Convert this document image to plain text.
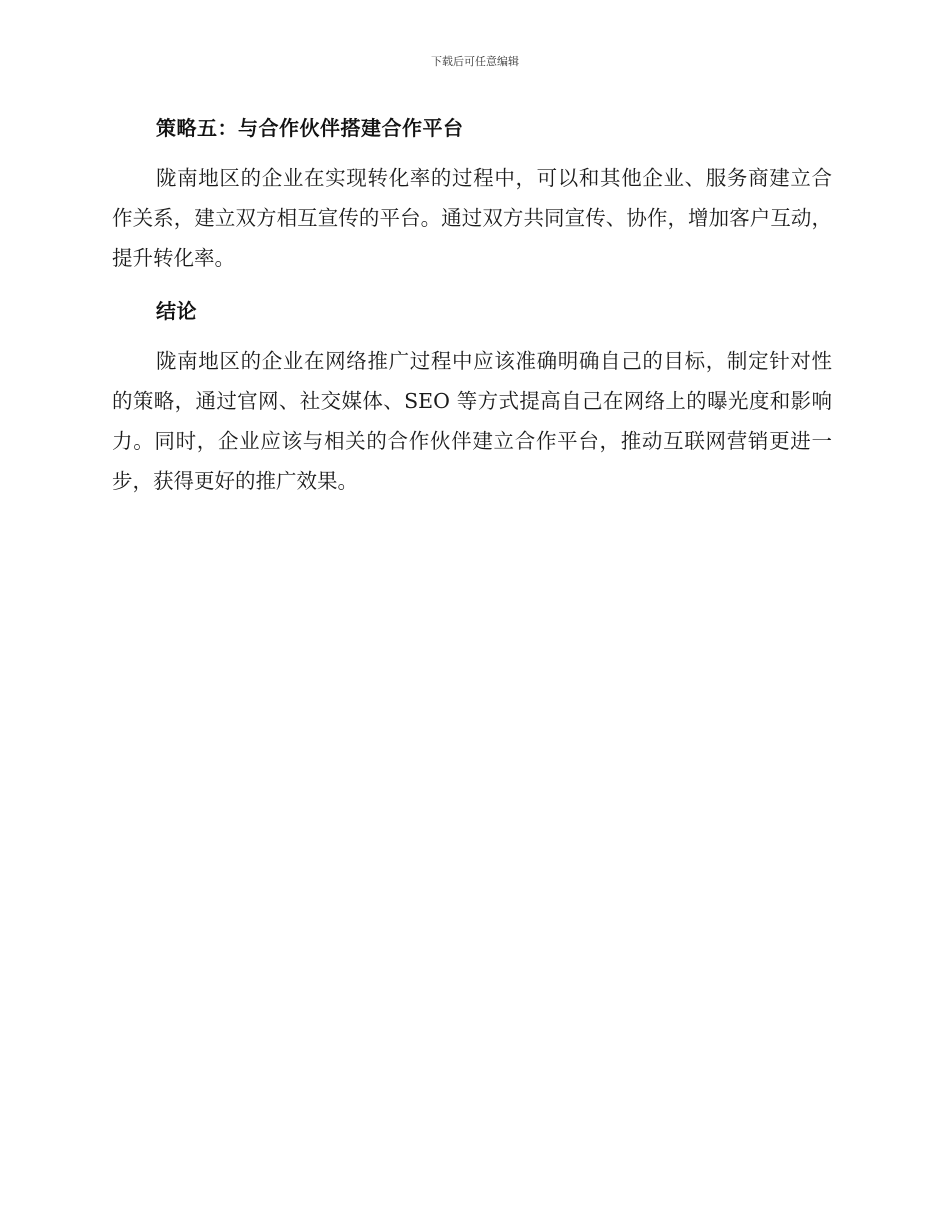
下载后可任意编辑
策略五：与合作伙伴搭建合作平台

陇南地区的企业在实现转化率的过程中，可以和其他企业、服务商建立合作关系，建立双方相互宣传的平台。通过双方共同宣传、协作，增加客户互动，提升转化率。

结论

陇南地区的企业在网络推广过程中应该准确明确自己的目标，制定针对性的策略，通过官网、社交媒体、SEO 等方式提高自己在网络上的曝光度和影响力。同时，企业应该与相关的合作伙伴建立合作平台，推动互联网营销更进一步，获得更好的推广效果。
